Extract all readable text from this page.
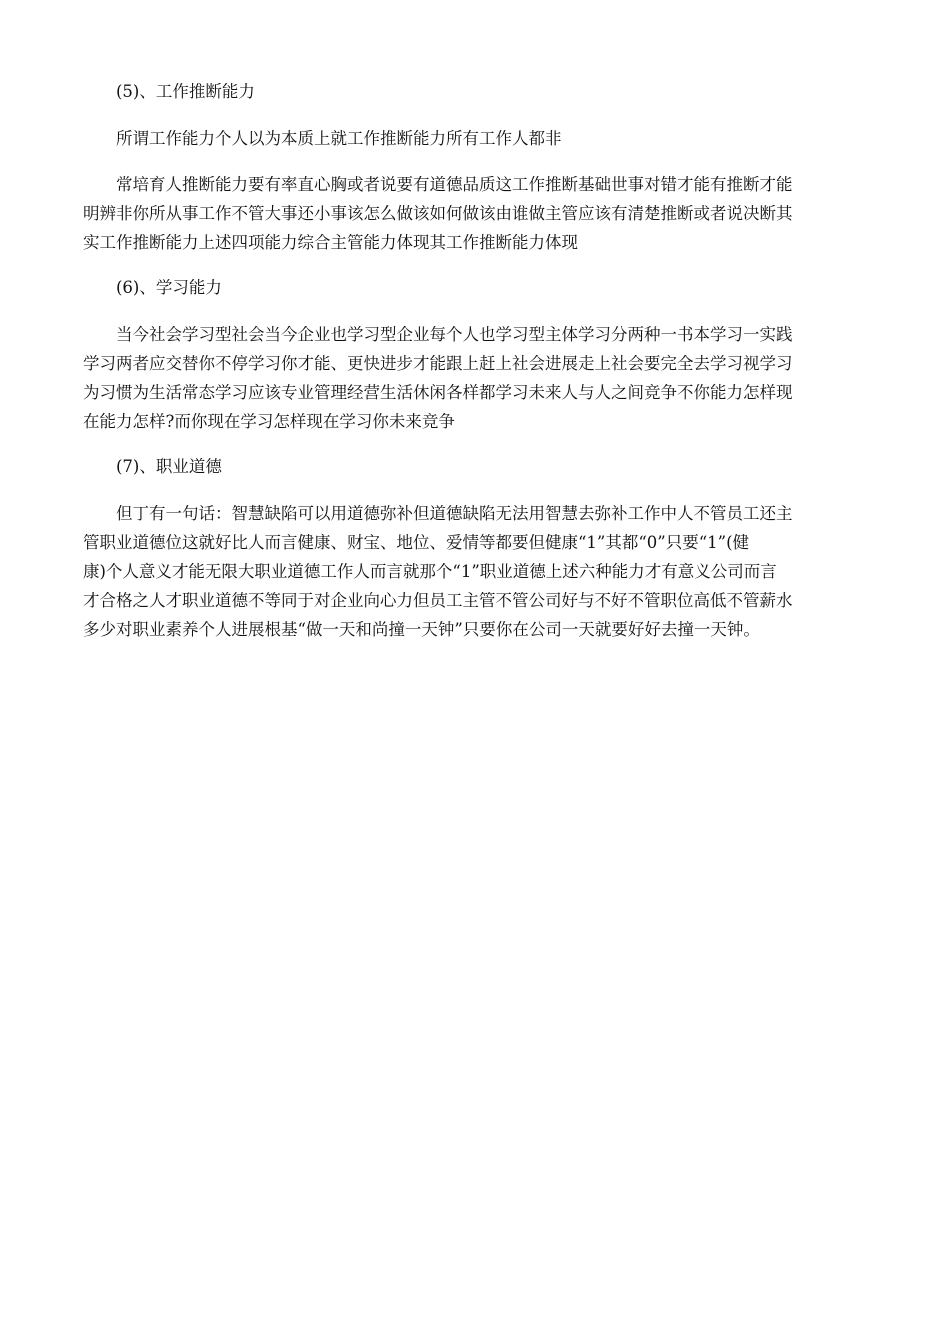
(5)、工作推断能力
所谓工作能力个人以为本质上就工作推断能力所有工作人都非
常培育人推断能力要有率直心胸或者说要有道德品质这工作推断基础世事对错才能有推断才能
明辨非你所从事工作不管大事还小事该怎么做该如何做该由谁做主管应该有清楚推断或者说决断其
实工作推断能力上述四项能力综合主管能力体现其工作推断能力体现
(6)、学习能力
当今社会学习型社会当今企业也学习型企业每个人也学习型主体学习分两种一书本学习一实践
学习两者应交替你不停学习你才能、更快进步才能跟上赶上社会进展走上社会要完全去学习视学习
为习惯为生活常态学习应该专业管理经营生活休闲各样都学习未来人与人之间竞争不你能力怎样现
在能力怎样?而你现在学习怎样现在学习你未来竞争
(7)、职业道德
但丁有一句话：智慧缺陷可以用道德弥补但道德缺陷无法用智慧去弥补工作中人不管员工还主
管职业道德位这就好比人而言健康、财宝、地位、爱情等都要但健康“1”其都“0”只要“1”(健
康)个人意义才能无限大职业道德工作人而言就那个“1”职业道德上述六种能力才有意义公司而言
才合格之人才职业道德不等同于对企业向心力但员工主管不管公司好与不好不管职位高低不管薪水
多少对职业素养个人进展根基“做一天和尚撞一天钟”只要你在公司一天就要好好去撞一天钟。
